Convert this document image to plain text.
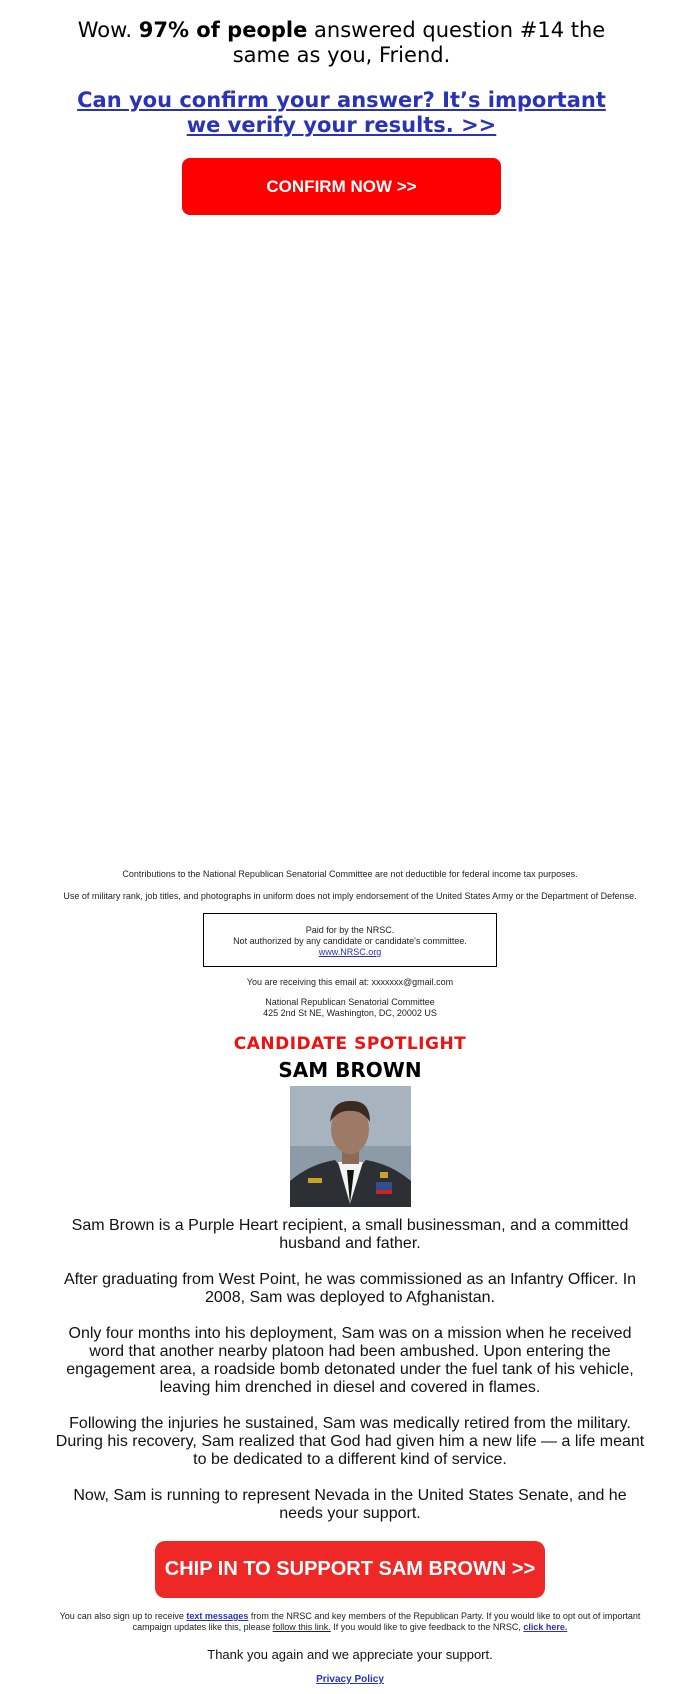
Wow. 97% of people answered question #14 the same as you, Friend.

Can you confirm your answer? It’s important we verify your results. >>
CONFIRM NOW >>

Contributions to the National Republican Senatorial Committee are not deductible for federal income tax purposes.

Use of military rank, job titles, and photographs in uniform does not imply endorsement of the United States Army or the Department of Defense.

Paid for by the NRSC.
Not authorized by any candidate or candidate's committee.
www.NRSC.org

You are receiving this email at: xxxxxxx@gmail.com

National Republican Senatorial Committee
425 2nd St NE, Washington, DC, 20002 US

CANDIDATE SPOTLIGHT

SAM BROWN

Sam Brown is a Purple Heart recipient, a small businessman, and a committed husband and father.

After graduating from West Point, he was commissioned as an Infantry Officer. In 2008, Sam was deployed to Afghanistan.

Only four months into his deployment, Sam was on a mission when he received word that another nearby platoon had been ambushed. Upon entering the engagement area, a roadside bomb detonated under the fuel tank of his vehicle, leaving him drenched in diesel and covered in flames.

Following the injuries he sustained, Sam was medically retired from the military. During his recovery, Sam realized that God had given him a new life — a life meant to be dedicated to a different kind of service.

Now, Sam is running to represent Nevada in the United States Senate, and he needs your support.

CHIP IN TO SUPPORT SAM BROWN >>

You can also sign up to receive text messages from the NRSC and key members of the Republican Party. If you would like to opt out of important campaign updates like this, please follow this link. If you would like to give feedback to the NRSC, click here.

Thank you again and we appreciate your support.

Privacy Policy
